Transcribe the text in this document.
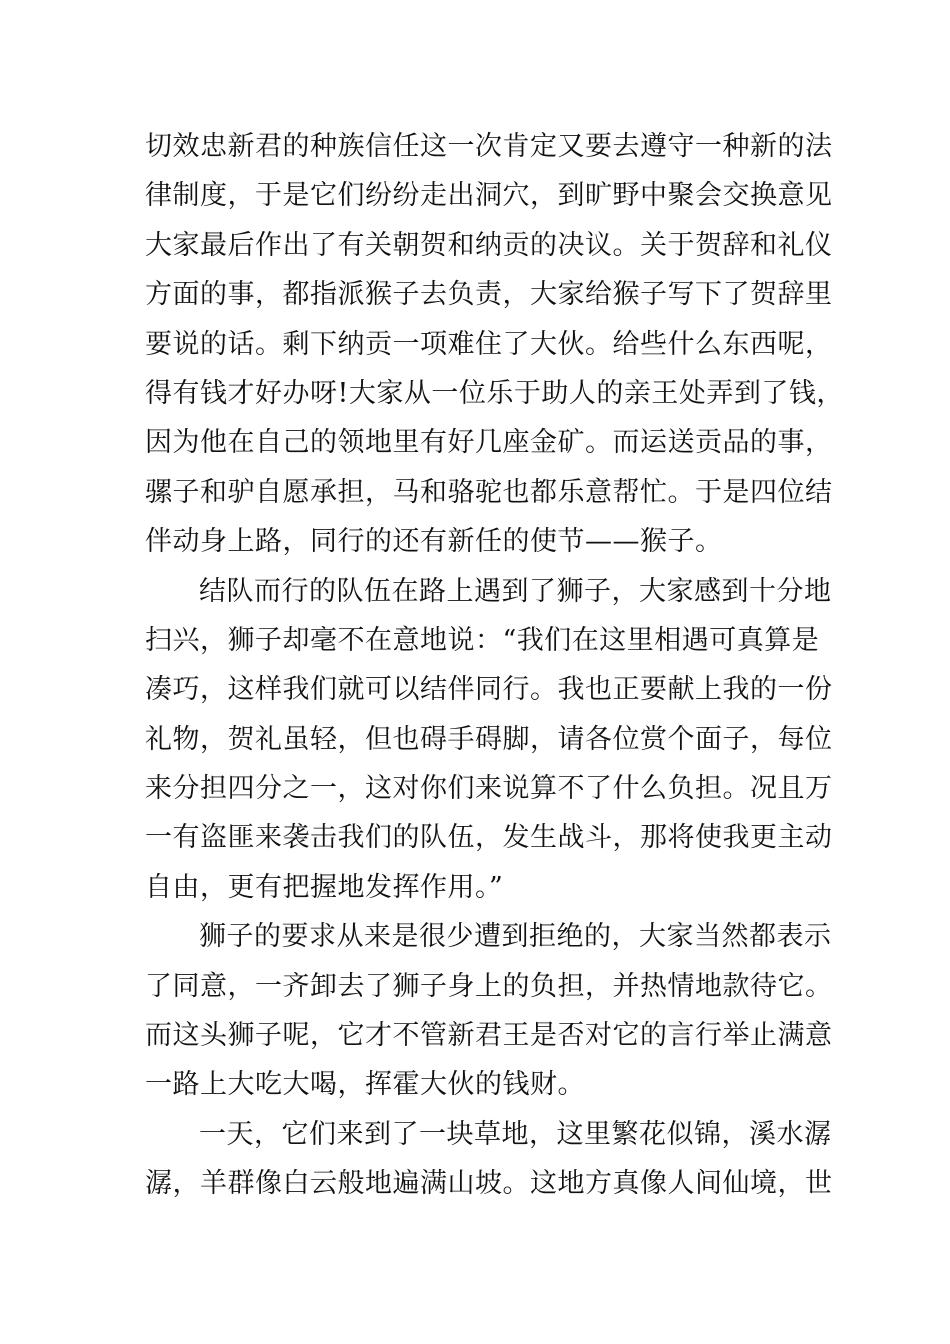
切效忠新君的种族信任这一次肯定又要去遵守一种新的法
律制度，于是它们纷纷走出洞穴，到旷野中聚会交换意见
大家最后作出了有关朝贺和纳贡的决议。关于贺辞和礼仪
方面的事，都指派猴子去负责，大家给猴子写下了贺辞里
要说的话。剩下纳贡一项难住了大伙。给些什么东西呢，
得有钱才好办呀!大家从一位乐于助人的亲王处弄到了钱，
因为他在自己的领地里有好几座金矿。而运送贡品的事，
骡子和驴自愿承担，马和骆驼也都乐意帮忙。于是四位结
伴动身上路，同行的还有新任的使节——猴子。
结队而行的队伍在路上遇到了狮子，大家感到十分地
扫兴，狮子却毫不在意地说：“我们在这里相遇可真算是
凑巧，这样我们就可以结伴同行。我也正要献上我的一份
礼物，贺礼虽轻，但也碍手碍脚，请各位赏个面子，每位
来分担四分之一，这对你们来说算不了什么负担。况且万
一有盗匪来袭击我们的队伍，发生战斗，那将使我更主动
自由，更有把握地发挥作用。”
狮子的要求从来是很少遭到拒绝的，大家当然都表示
了同意，一齐卸去了狮子身上的负担，并热情地款待它。
而这头狮子呢，它才不管新君王是否对它的言行举止满意
一路上大吃大喝，挥霍大伙的钱财。
一天，它们来到了一块草地，这里繁花似锦，溪水潺
潺，羊群像白云般地遍满山坡。这地方真像人间仙境，世
